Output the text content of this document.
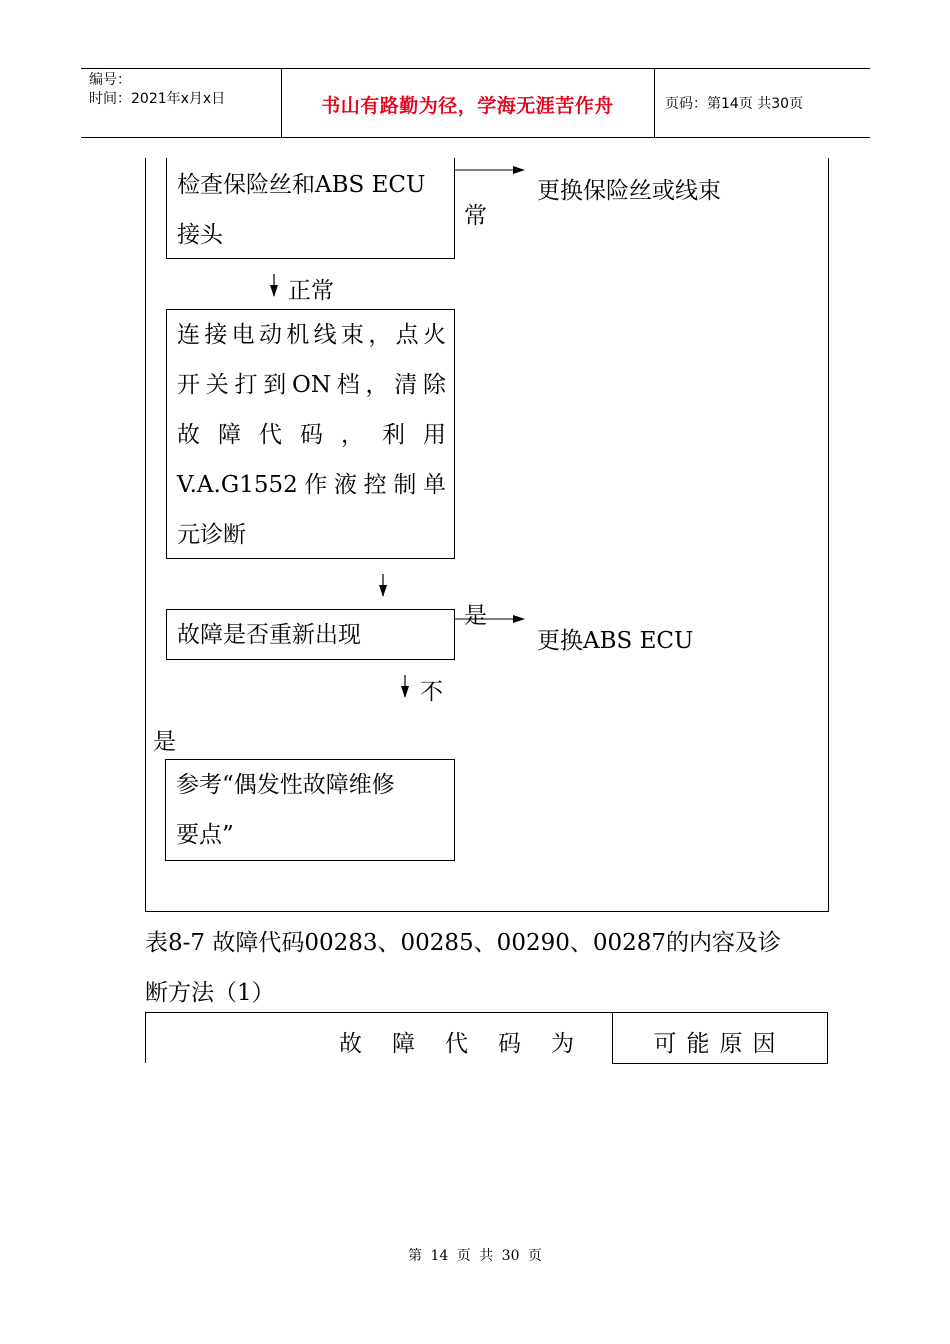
编号：
时间：2021年x月x日	书山有路勤为径，学海无涯苦作舟	页码：第14页 共30页
检查保险丝和ABS ECU
接头
常
更换保险丝或线束
正常
连接电动机线束，点火
开关打到ON档，清除
故障代码，利用
V.A.G1552作液控制单
元诊断
故障是否重新出现
是
更换ABS ECU
不
是
参考“偶发性故障维修
要点”
表8-7 故障代码00283、00285、00290、00287的内容及诊
断方法（1）
故障代码为	可能原因
第 14 页 共 30 页
